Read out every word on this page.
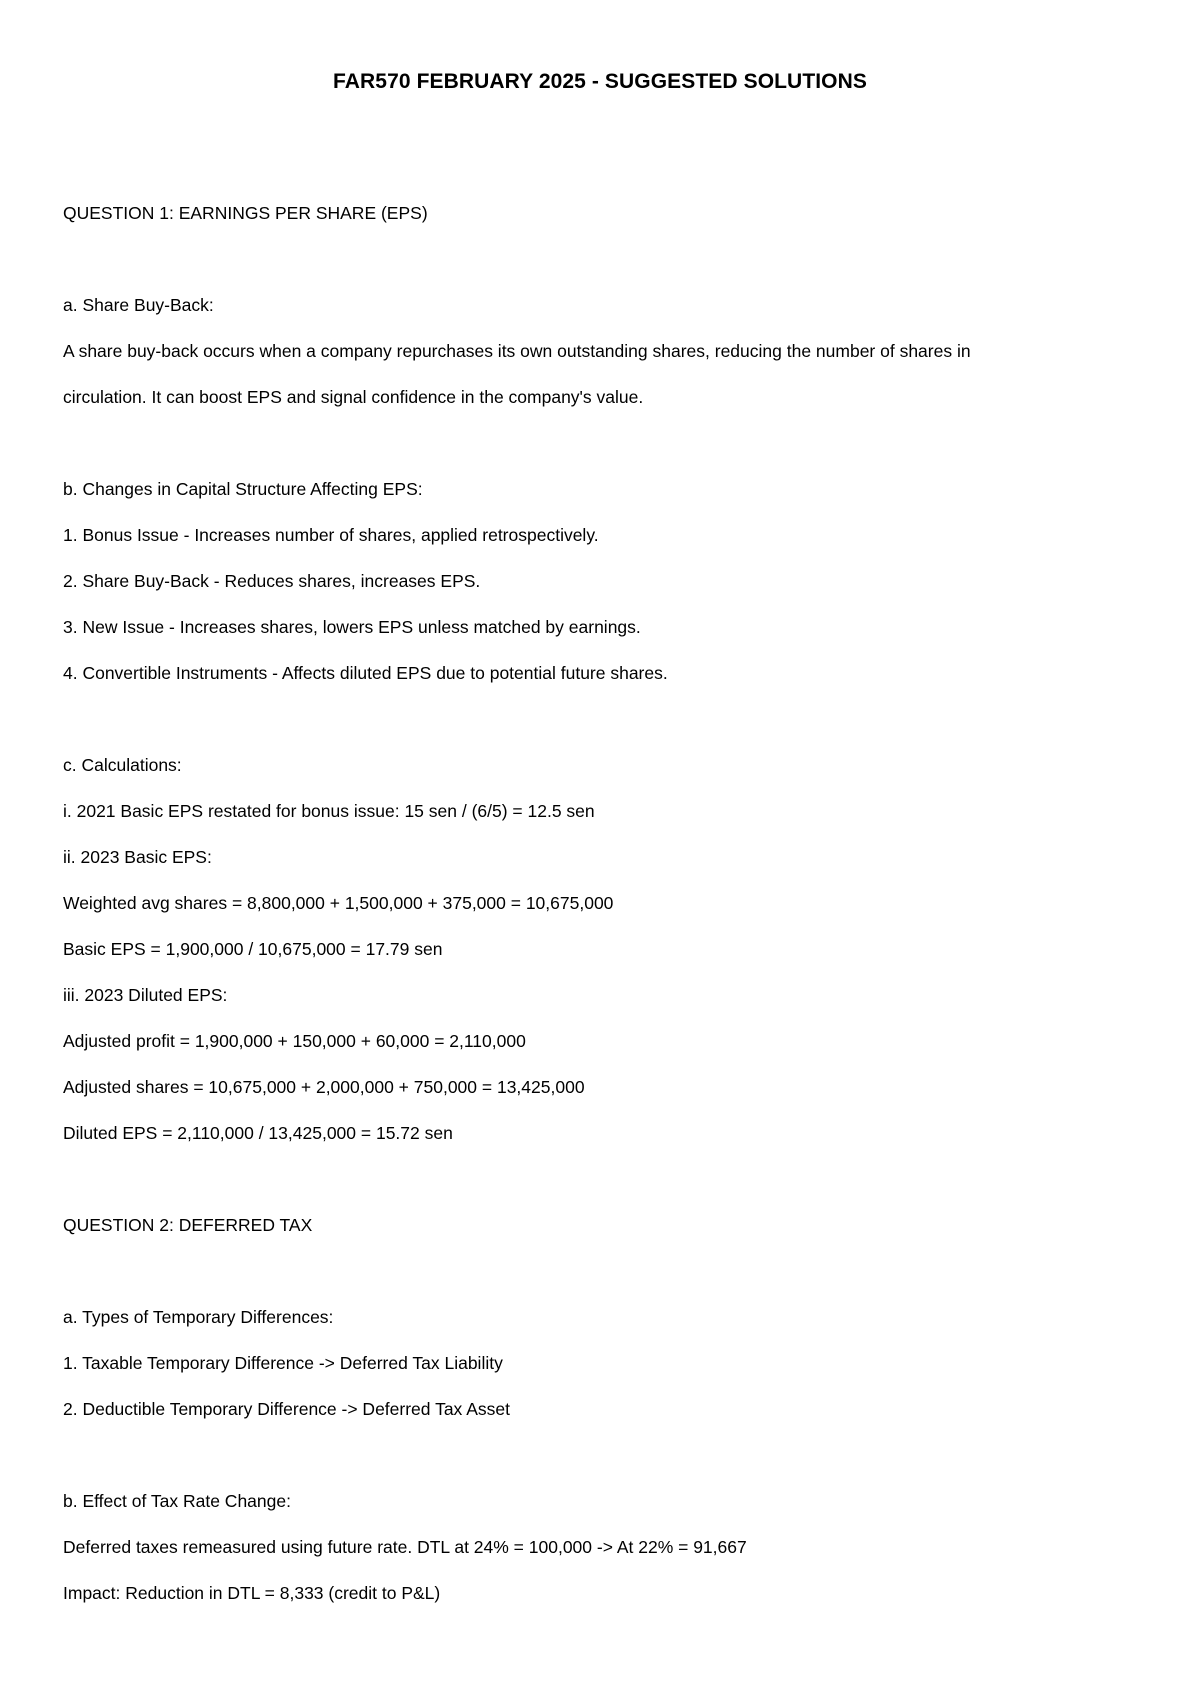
FAR570 FEBRUARY 2025 - SUGGESTED SOLUTIONS
QUESTION 1: EARNINGS PER SHARE (EPS)
a. Share Buy-Back:
A share buy-back occurs when a company repurchases its own outstanding shares, reducing the number of shares in
circulation. It can boost EPS and signal confidence in the company's value.
b. Changes in Capital Structure Affecting EPS:
1. Bonus Issue - Increases number of shares, applied retrospectively.
2. Share Buy-Back - Reduces shares, increases EPS.
3. New Issue - Increases shares, lowers EPS unless matched by earnings.
4. Convertible Instruments - Affects diluted EPS due to potential future shares.
c. Calculations:
i. 2021 Basic EPS restated for bonus issue: 15 sen / (6/5) = 12.5 sen
ii. 2023 Basic EPS:
Weighted avg shares = 8,800,000 + 1,500,000 + 375,000 = 10,675,000
Basic EPS = 1,900,000 / 10,675,000 = 17.79 sen
iii. 2023 Diluted EPS:
Adjusted profit = 1,900,000 + 150,000 + 60,000 = 2,110,000
Adjusted shares = 10,675,000 + 2,000,000 + 750,000 = 13,425,000
Diluted EPS = 2,110,000 / 13,425,000 = 15.72 sen
QUESTION 2: DEFERRED TAX
a. Types of Temporary Differences:
1. Taxable Temporary Difference -> Deferred Tax Liability
2. Deductible Temporary Difference -> Deferred Tax Asset
b. Effect of Tax Rate Change:
Deferred taxes remeasured using future rate. DTL at 24% = 100,000 -> At 22% = 91,667
Impact: Reduction in DTL = 8,333 (credit to P&L)
